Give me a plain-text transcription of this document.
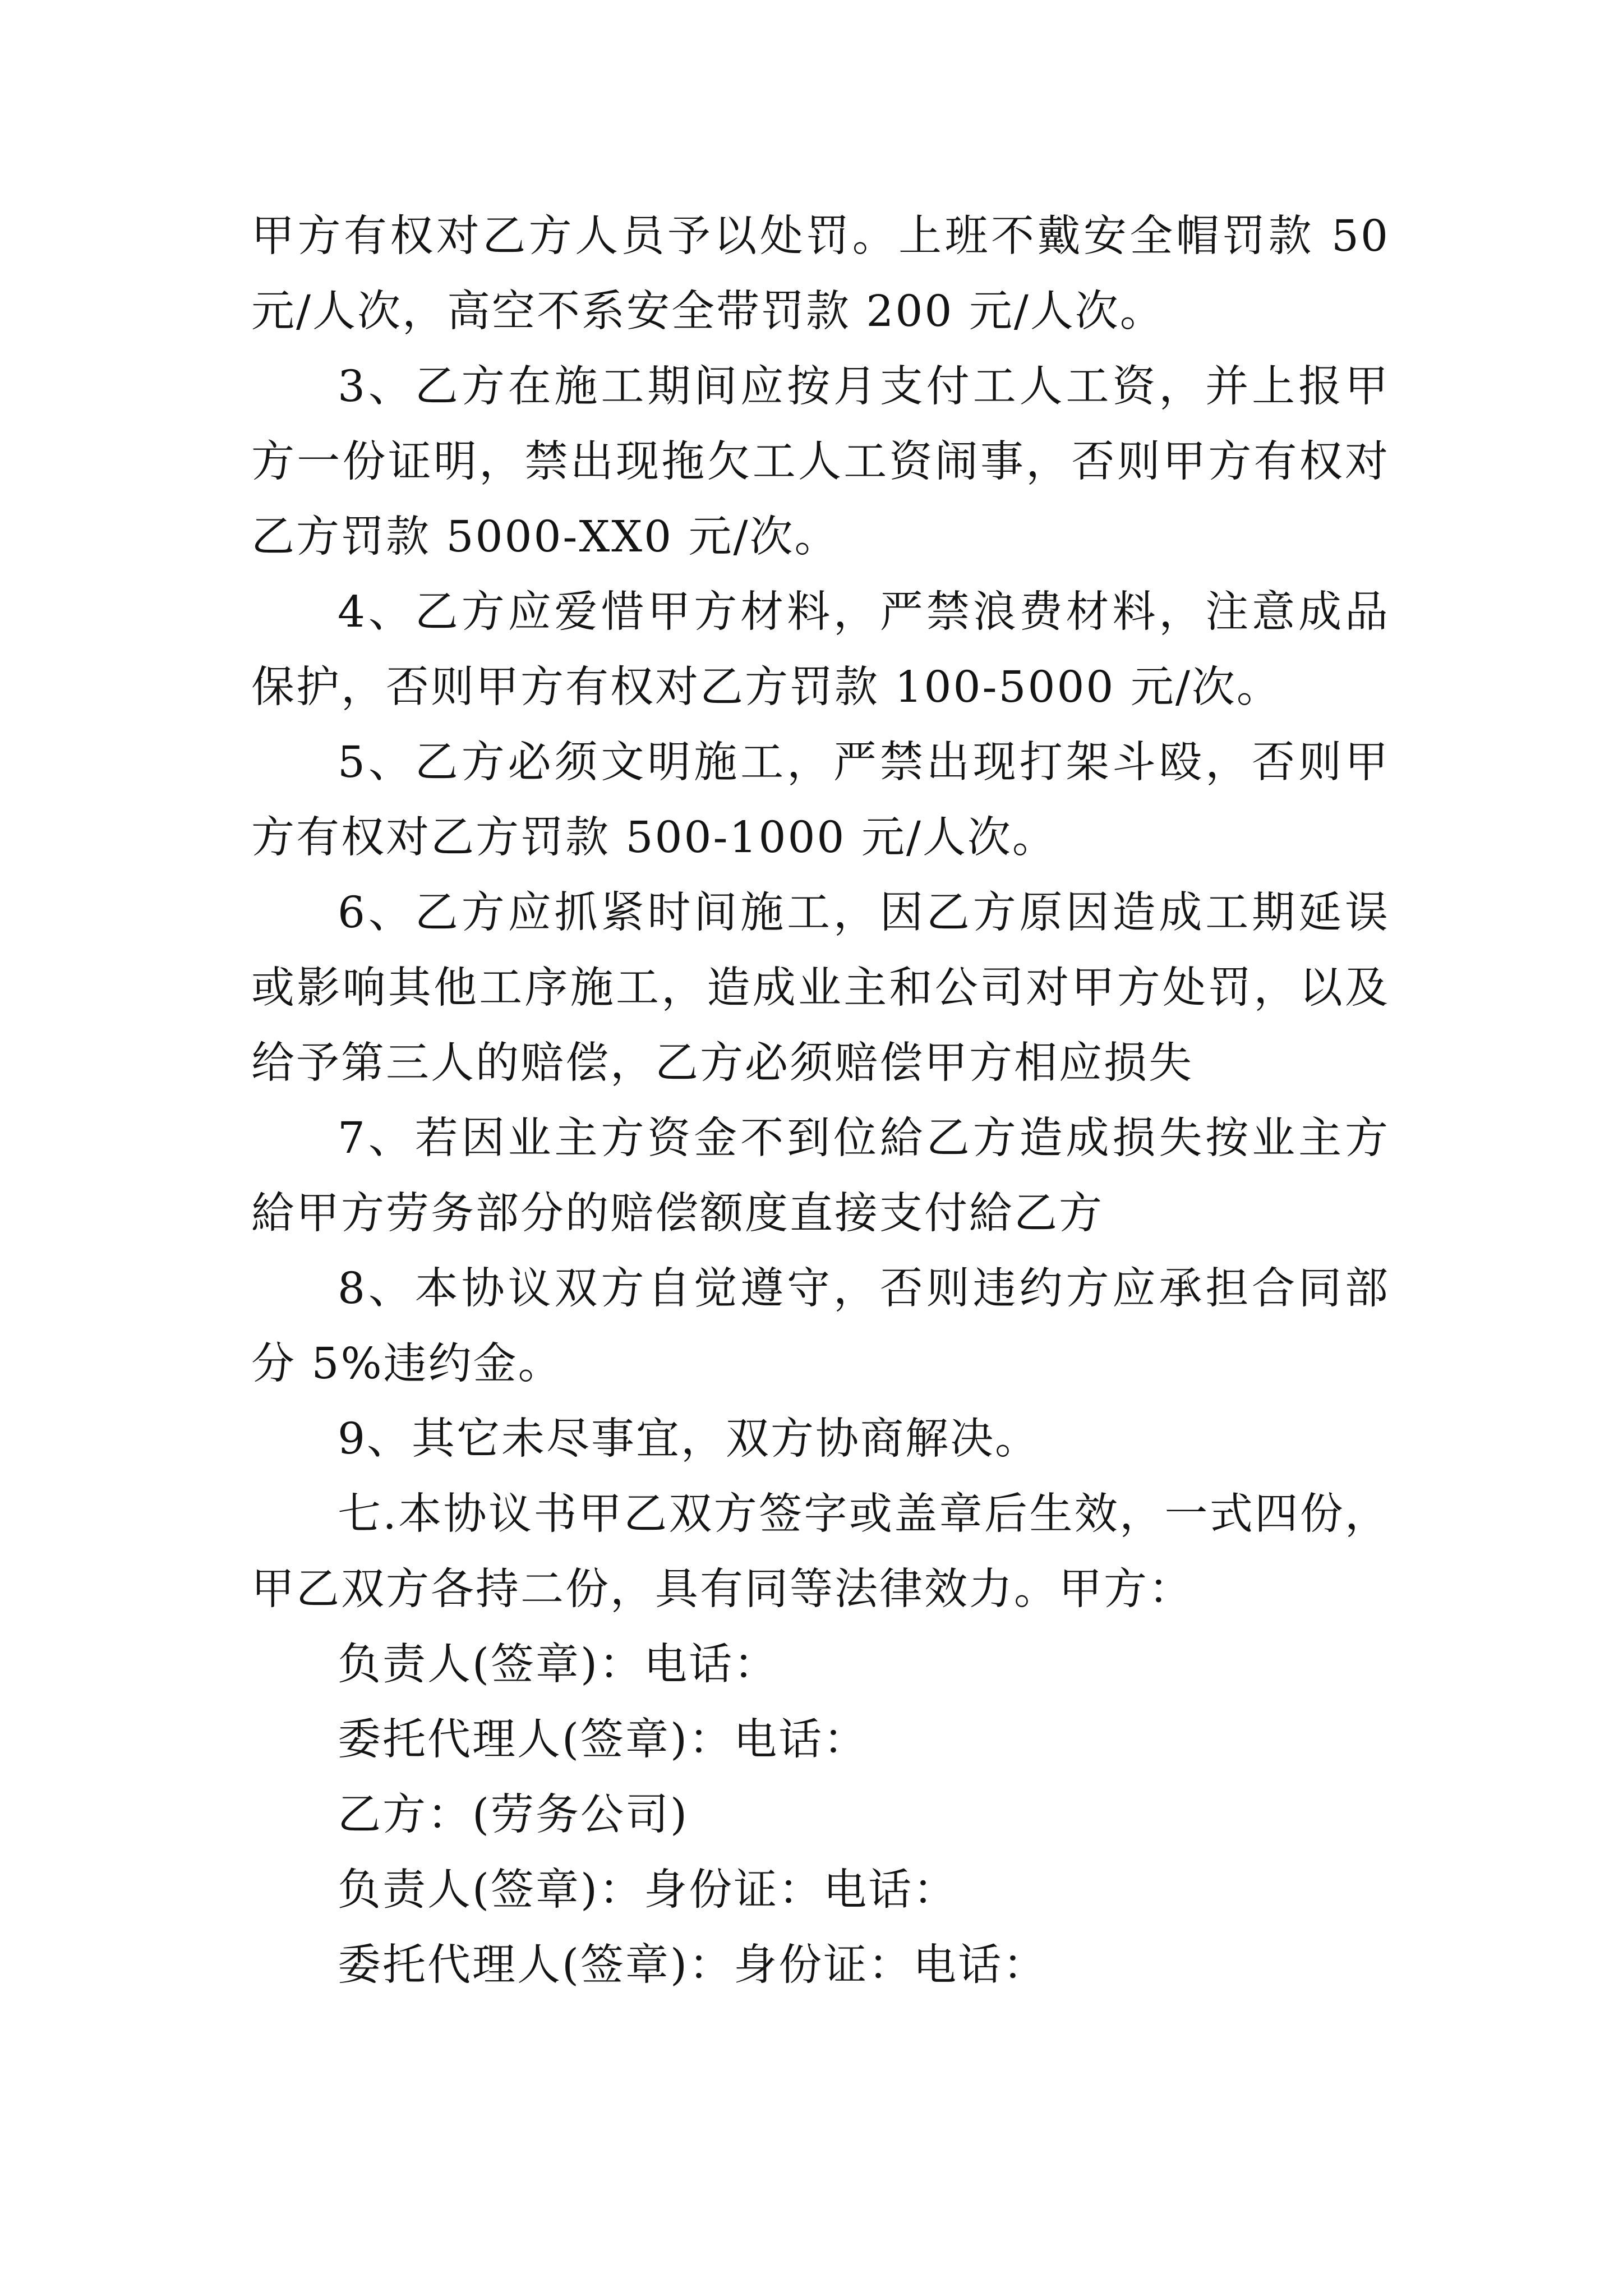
甲方有权对乙方人员予以处罚。上班不戴安全帽罚款 50 元/人次，高空不系安全带罚款 200 元/人次。

3、乙方在施工期间应按月支付工人工资，并上报甲方一份证明，禁出现拖欠工人工资闹事，否则甲方有权对乙方罚款 5000-XX0 元/次。

4、乙方应爱惜甲方材料，严禁浪费材料，注意成品保护，否则甲方有权对乙方罚款 100-5000 元/次。

5、乙方必须文明施工，严禁出现打架斗殴，否则甲方有权对乙方罚款 500-1000 元/人次。

6、乙方应抓紧时间施工，因乙方原因造成工期延误或影响其他工序施工，造成业主和公司对甲方处罚，以及给予第三人的赔偿，乙方必须赔偿甲方相应损失

7、若因业主方资金不到位給乙方造成损失按业主方給甲方劳务部分的赔偿额度直接支付給乙方

8、本协议双方自觉遵守，否则违约方应承担合同部分 5%违约金。

9、其它未尽事宜，双方协商解决。

七.本协议书甲乙双方签字或盖章后生效，一式四份，甲乙双方各持二份，具有同等法律效力。甲方：

负责人(签章)：电话：

委托代理人(签章)：电话：

乙方：(劳务公司)

负责人(签章)：身份证：电话：

委托代理人(签章)：身份证：电话：
